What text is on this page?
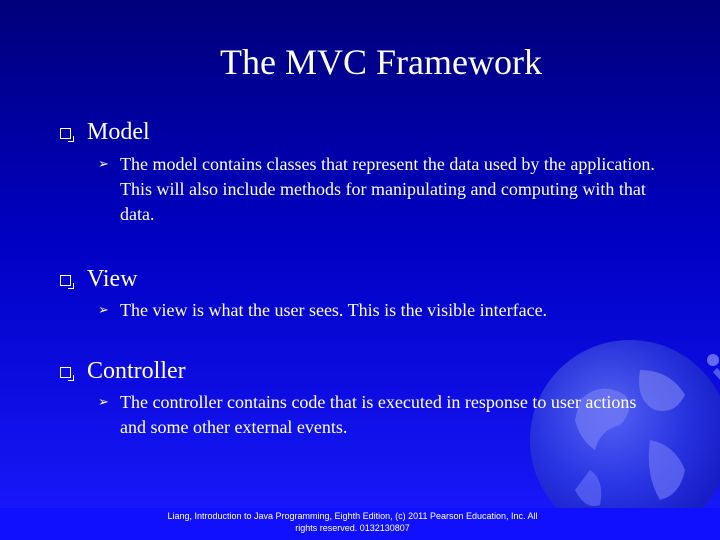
The MVC Framework
Model
➢ The model contains classes that represent the data used by the application. This will also include methods for manipulating and computing with that data.
View
➢ The view is what the user sees. This is the visible interface.
Controller
➢ The controller contains code that is executed in response to user actions and some other external events.
Liang, Introduction to Java Programming, Eighth Edition, (c) 2011 Pearson Education, Inc. All
rights reserved. 0132130807
